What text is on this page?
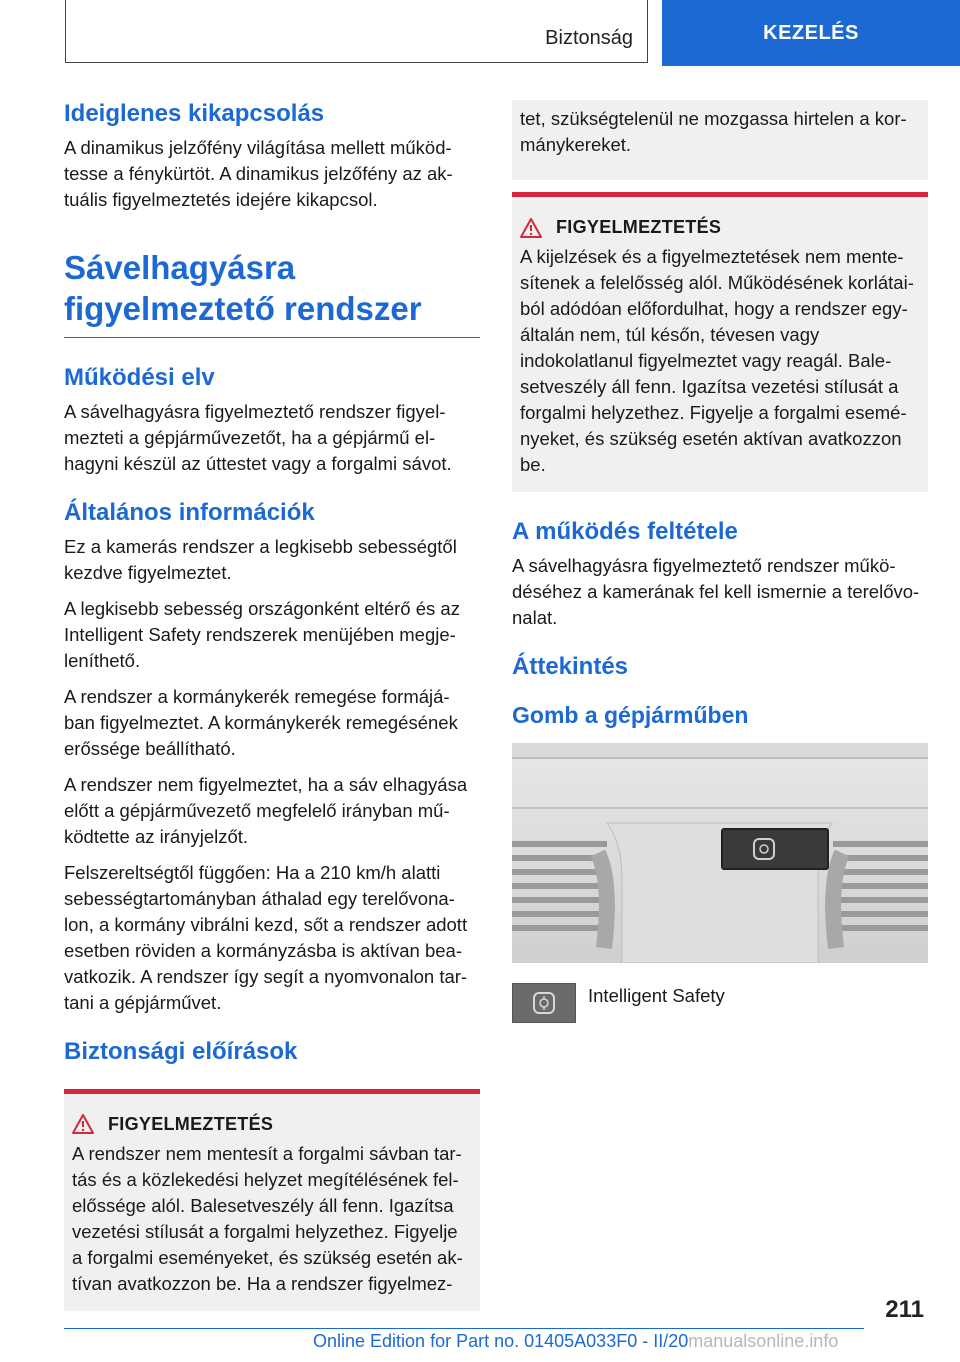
Biztonság	KEZELÉS
Ideiglenes kikapcsolás

A dinamikus jelzőfény világítása mellett működ-tesse a fénykürtöt. A dinamikus jelzőfény az ak-tuális figyelmeztetés idejére kikapcsol.

Sávelhagyásra figyelmeztető rendszer
Működési elv

A sávelhagyásra figyelmeztető rendszer figyel-mezteti a gépjárművezetőt, ha a gépjármű el-hagyni készül az úttestet vagy a forgalmi sávot.

Általános információk

Ez a kamerás rendszer a legkisebb sebességtől kezdve figyelmeztet.

A legkisebb sebesség országonként eltérő és az Intelligent Safety rendszerek menüjében megje-leníthető.

A rendszer a kormánykerék remegése formájá-ban figyelmeztet. A kormánykerék remegésének erőssége beállítható.

A rendszer nem figyelmeztet, ha a sáv elhagyása előtt a gépjárművezető megfelelő irányban mű-ködtette az irányjelzőt.

Felszereltségtől függően: Ha a 210 km/h alatti sebességtartományban áthalad egy terelővona-lon, a kormány vibrálni kezd, sőt a rendszer adott esetben röviden a kormányzásba is aktívan bea-vatkozik. A rendszer így segít a nyomvonalon tar-tani a gépjárművet.

Biztonsági előírások
FIGYELMEZTETÉS

A rendszer nem mentesít a forgalmi sávban tar-tás és a közlekedési helyzet megítélésének fel-előssége alól. Balesetveszély áll fenn. Igazítsa vezetési stílusát a forgalmi helyzethez. Figyelje a forgalmi eseményeket, és szükség esetén ak-tívan avatkozzon be. Ha a rendszer figyelmez-

tet, szükségtelenül ne mozgassa hirtelen a kor-mánykereket.

FIGYELMEZTETÉS

A kijelzések és a figyelmeztetések nem mente-sítenek a felelősség alól. Működésének korlátai-ból adódóan előfordulhat, hogy a rendszer egy-általán nem, túl későn, tévesen vagy indokolatlanul figyelmeztet vagy reagál. Bale-setveszély áll fenn. Igazítsa vezetési stílusát a forgalmi helyzethez. Figyelje a forgalmi esemé-nyeket, és szükség esetén aktívan avatkozzon be.

A működés feltétele

A sávelhagyásra figyelmeztető rendszer műkö-déséhez a kamerának fel kell ismernie a terelővo-nalat.

Áttekintés
Gomb a gépjárműben
Intelligent Safety
211
Online Edition for Part no. 01405A033F0 - II/20manualsonline.info
